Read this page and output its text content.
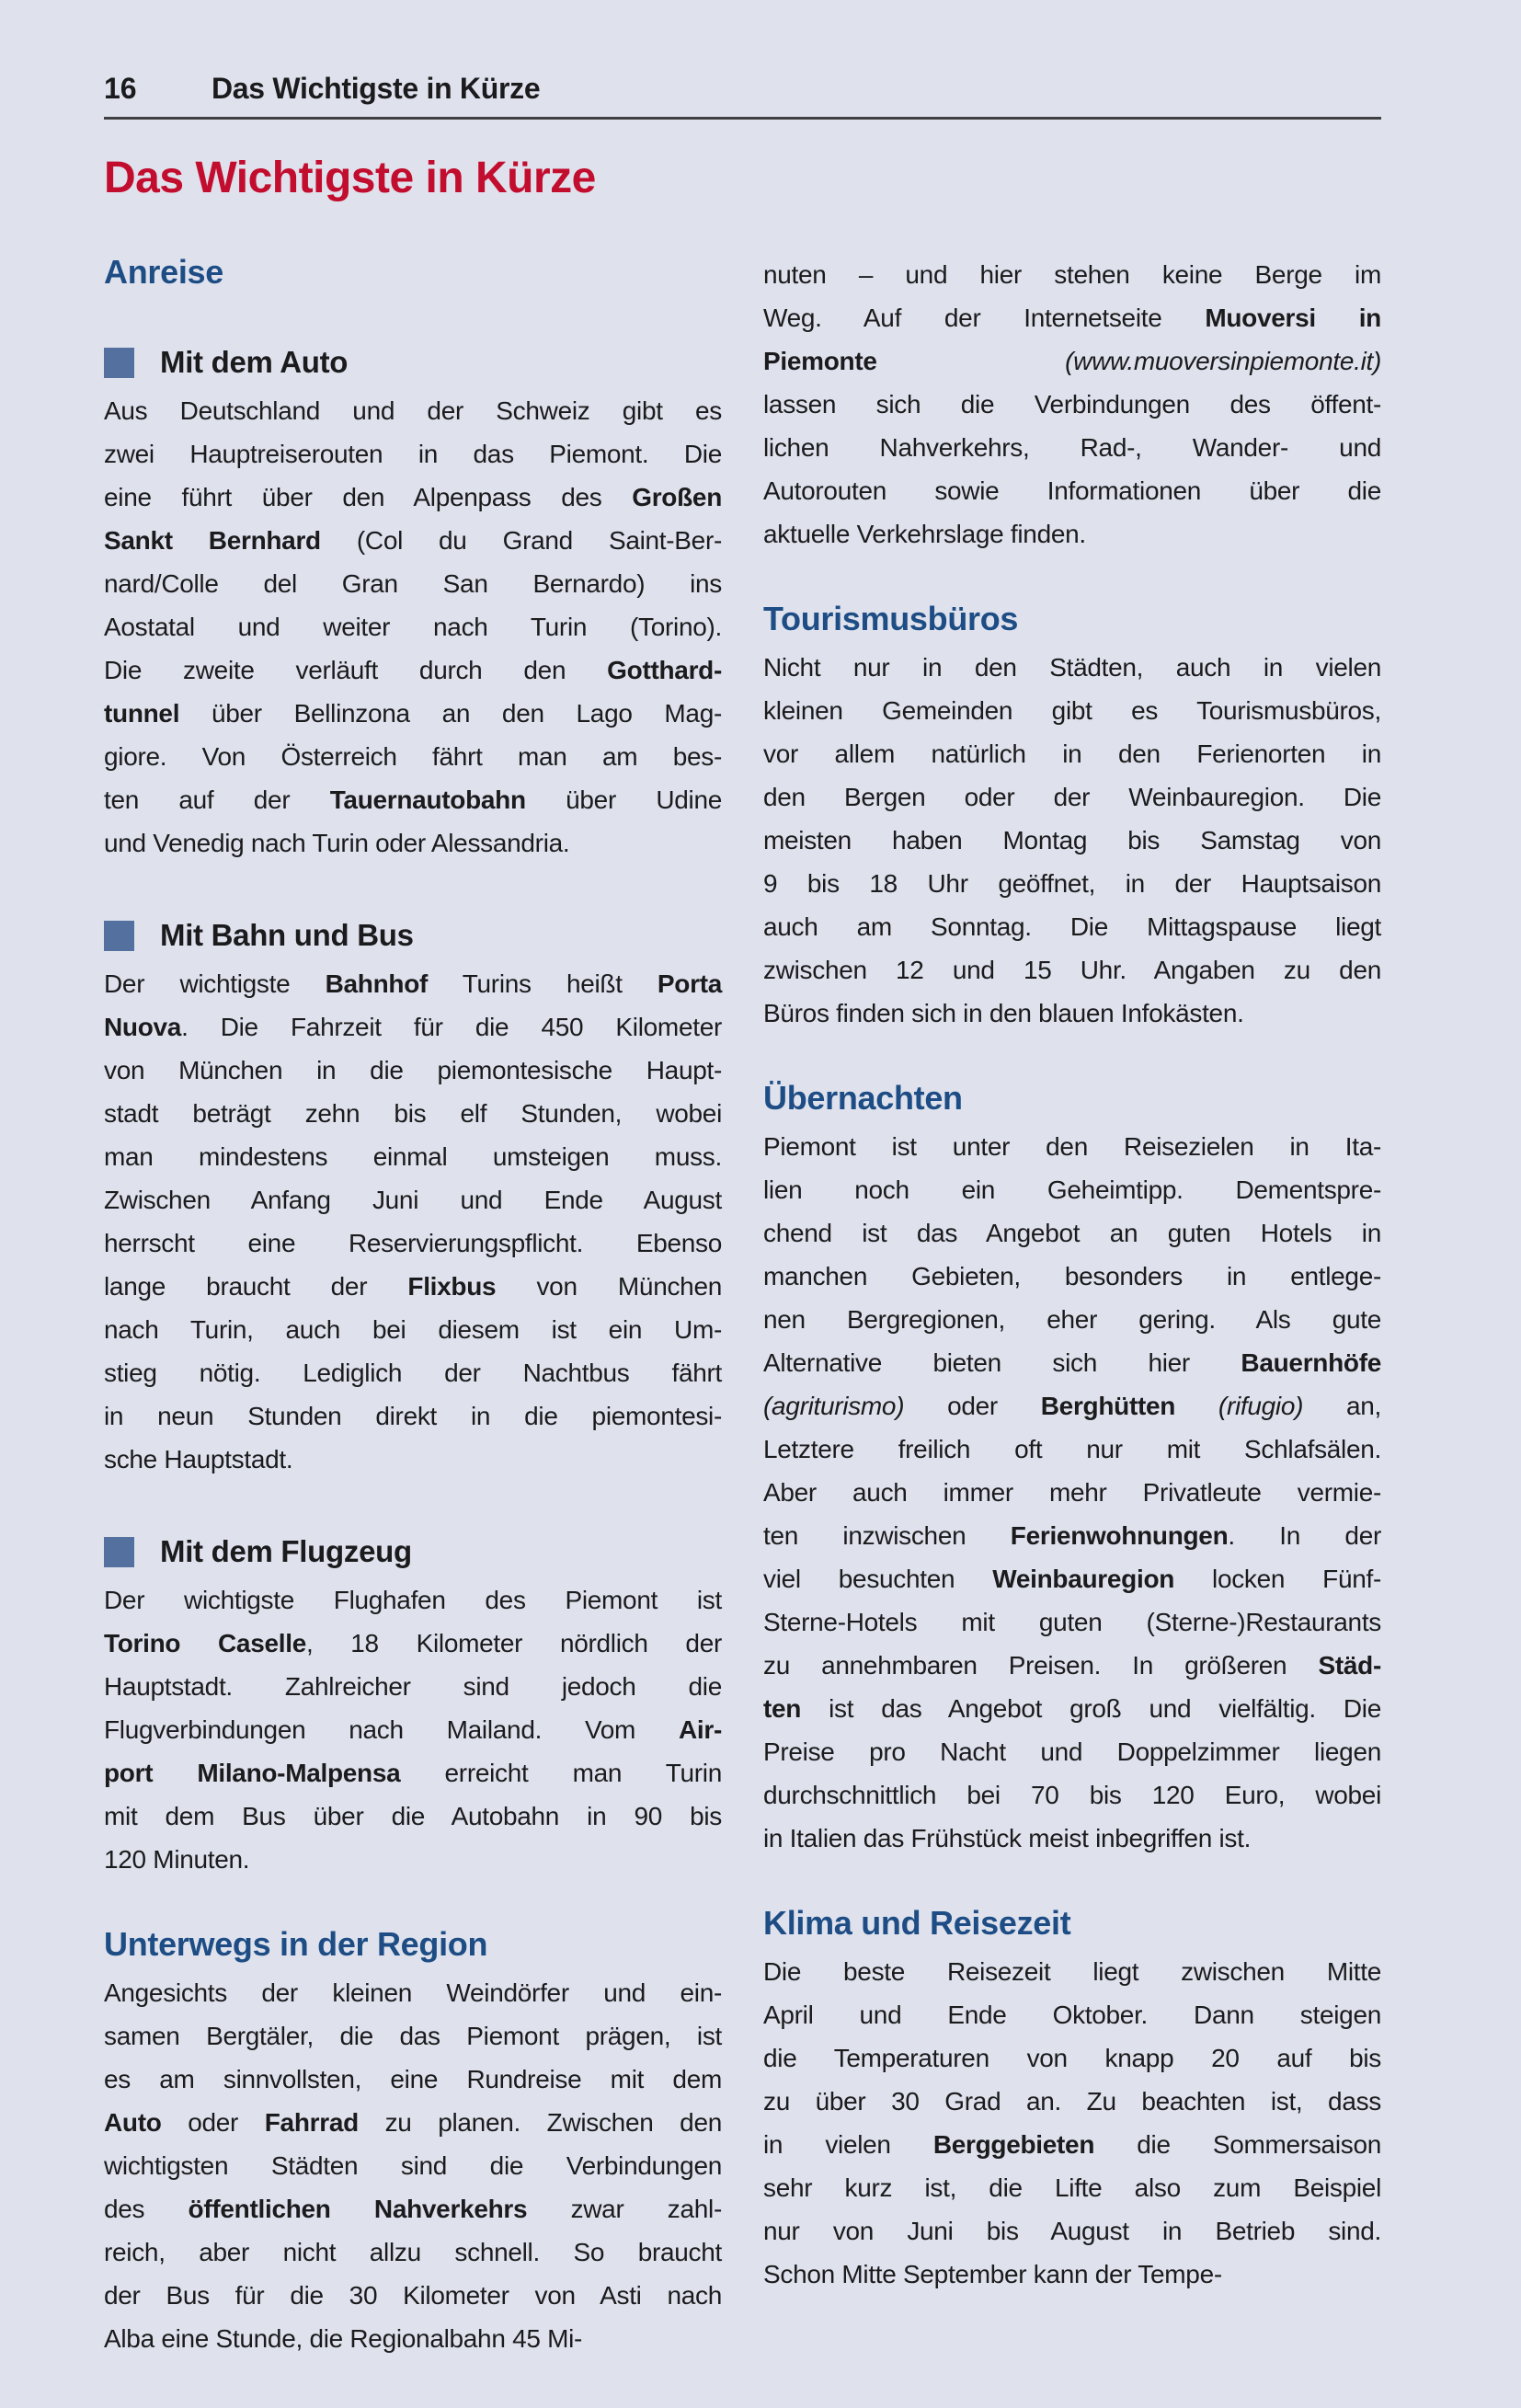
16	Das Wichtigste in Kürze
Das Wichtigste in Kürze
Anreise
Mit dem Auto
Aus Deutschland und der Schweiz gibt es
zwei Hauptreiserouten in das Piemont. Die
eine führt über den Alpenpass des Großen
Sankt Bernhard (Col du Grand Saint-Ber-
nard/Colle del Gran San Bernardo) ins
Aostatal und weiter nach Turin (Torino).
Die zweite verläuft durch den Gotthard-
tunnel über Bellinzona an den Lago Mag-
giore. Von Österreich fährt man am bes-
ten auf der Tauernautobahn über Udine
und Venedig nach Turin oder Alessandria.
Mit Bahn und Bus
Der wichtigste Bahnhof Turins heißt Porta
Nuova. Die Fahrzeit für die 450 Kilometer
von München in die piemontesische Haupt-
stadt beträgt zehn bis elf Stunden, wobei
man mindestens einmal umsteigen muss.
Zwischen Anfang Juni und Ende August
herrscht eine Reservierungspflicht. Ebenso
lange braucht der Flixbus von München
nach Turin, auch bei diesem ist ein Um-
stieg nötig. Lediglich der Nachtbus fährt
in neun Stunden direkt in die piemontesi-
sche Hauptstadt.
Mit dem Flugzeug
Der wichtigste Flughafen des Piemont ist
Torino Caselle, 18 Kilometer nördlich der
Hauptstadt. Zahlreicher sind jedoch die
Flugverbindungen nach Mailand. Vom Air-
port Milano-Malpensa erreicht man Turin
mit dem Bus über die Autobahn in 90 bis
120 Minuten.
Unterwegs in der Region
Angesichts der kleinen Weindörfer und ein-
samen Bergtäler, die das Piemont prägen, ist
es am sinnvollsten, eine Rundreise mit dem
Auto oder Fahrrad zu planen. Zwischen den
wichtigsten Städten sind die Verbindungen
des öffentlichen Nahverkehrs zwar zahl-
reich, aber nicht allzu schnell. So braucht
der Bus für die 30 Kilometer von Asti nach
Alba eine Stunde, die Regionalbahn 45 Mi-
nuten – und hier stehen keine Berge im
Weg. Auf der Internetseite Muoversi in
Piemonte	(www.muoversinpiemonte.it)
lassen sich die Verbindungen des öffent-
lichen Nahverkehrs, Rad-, Wander- und
Autorouten sowie Informationen über die
aktuelle Verkehrslage finden.
Tourismusbüros
Nicht nur in den Städten, auch in vielen
kleinen Gemeinden gibt es Tourismusbüros,
vor allem natürlich in den Ferienorten in
den Bergen oder der Weinbauregion. Die
meisten haben Montag bis Samstag von
9 bis 18 Uhr geöffnet, in der Hauptsaison
auch am Sonntag. Die Mittagspause liegt
zwischen 12 und 15 Uhr. Angaben zu den
Büros finden sich in den blauen Infokästen.
Übernachten
Piemont ist unter den Reisezielen in Ita-
lien noch ein Geheimtipp. Dementspre-
chend ist das Angebot an guten Hotels in
manchen Gebieten, besonders in entlege-
nen Bergregionen, eher gering. Als gute
Alternative bieten sich hier Bauernhöfe
(agriturismo) oder Berghütten (rifugio) an,
Letztere freilich oft nur mit Schlafsälen.
Aber auch immer mehr Privatleute vermie-
ten inzwischen Ferienwohnungen. In der
viel besuchten Weinbauregion locken Fünf-
Sterne-Hotels mit guten (Sterne-)Restaurants
zu annehmbaren Preisen. In größeren Städ-
ten ist das Angebot groß und vielfältig. Die
Preise pro Nacht und Doppelzimmer liegen
durchschnittlich bei 70 bis 120 Euro, wobei
in Italien das Frühstück meist inbegriffen ist.
Klima und Reisezeit
Die beste Reisezeit liegt zwischen Mitte
April und Ende Oktober. Dann steigen
die Temperaturen von knapp 20 auf bis
zu über 30 Grad an. Zu beachten ist, dass
in vielen Berggebieten die Sommersaison
sehr kurz ist, die Lifte also zum Beispiel
nur von Juni bis August in Betrieb sind.
Schon Mitte September kann der Tempe-
